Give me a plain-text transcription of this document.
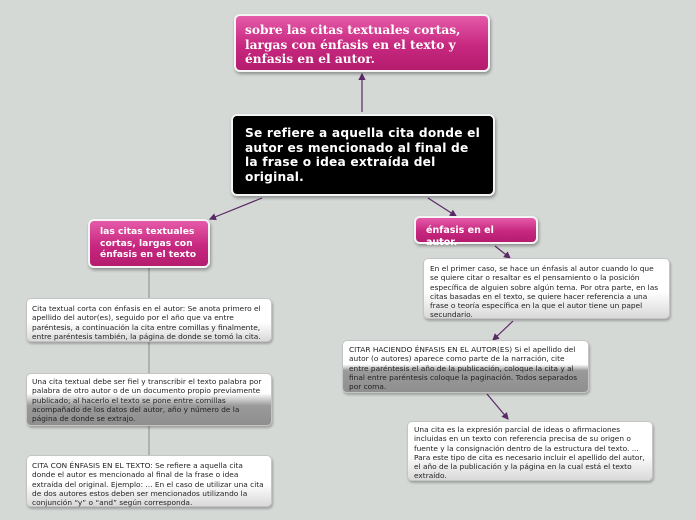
sobre las citas textuales cortas, largas con énfasis en el texto y énfasis en el autor.
Se refiere a aquella cita donde el autor es mencionado al final de la frase o idea extraída del original.
las citas textuales cortas, largas con énfasis en el texto
énfasis en el autor.
Cita textual corta con énfasis en el autor: Se anota primero el apellido del autor(es), seguido por el año que va entre paréntesis, a continuación la cita entre comillas y finalmente, entre paréntesis también, la página de donde se tomó la cita.
Una cita textual debe ser fiel y transcribir el texto palabra por palabra de otro autor o de un documento propio previamente publicado; al hacerlo el texto se pone entre comillas acompañado de los datos del autor, año y número de la página de donde se extrajo.
CITA CON ÉNFASIS EN EL TEXTO: Se refiere a aquella cita donde el autor es mencionado al final de la frase o idea extraída del original. Ejemplo: ... En el caso de utilizar una cita de dos autores estos deben ser mencionados utilizando la conjunción “y” o “and” según corresponda.
En el primer caso, se hace un énfasis al autor cuando lo que se quiere citar o resaltar es el pensamiento o la posición específica de alguien sobre algún tema. Por otra parte, en las citas basadas en el texto, se quiere hacer referencia a una frase o teoría específica en la que el autor tiene un papel secundario.
CITAR HACIENDO ÉNFASIS EN EL AUTOR(ES) Si el apellido del autor (o autores) aparece como parte de la narración, cite entre paréntesis el año de la publicación, coloque la cita y al final entre paréntesis coloque la paginación. Todos separados por coma.
Una cita es la expresión parcial de ideas o afirmaciones incluidas en un texto con referencia precisa de su origen o fuente y la consignación dentro de la estructura del texto. ... Para este tipo de cita es necesario incluir el apellido del autor, el año de la publicación y la página en la cual está el texto extraído.
